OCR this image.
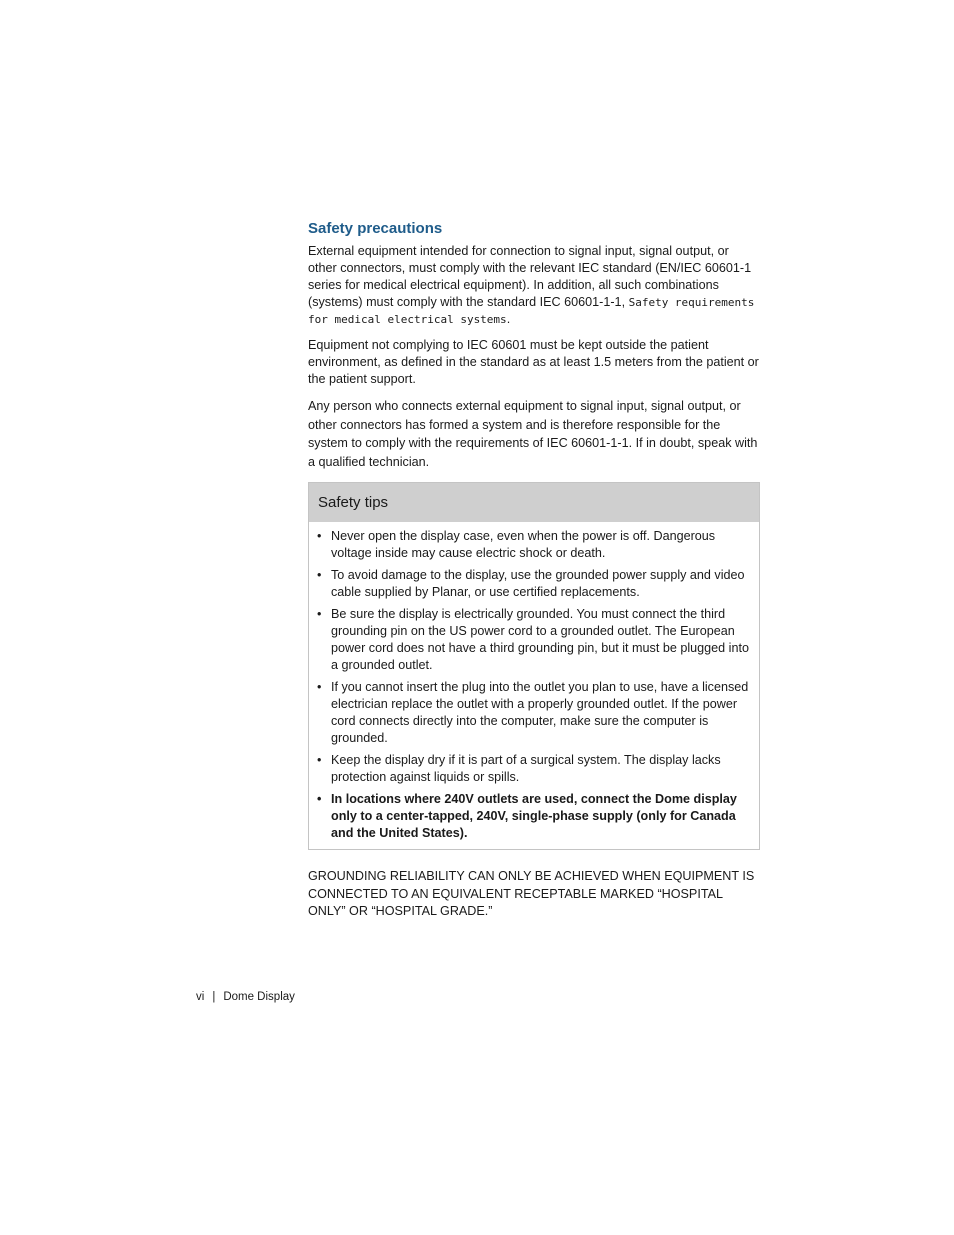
Safety precautions

External equipment intended for connection to signal input, signal output, or other connectors, must comply with the relevant IEC standard (EN/IEC 60601-1 series for medical electrical equipment). In addition, all such combinations (systems) must comply with the standard IEC 60601-1-1, Safety requirements for medical electrical systems.

Equipment not complying to IEC 60601 must be kept outside the patient environment, as defined in the standard as at least 1.5 meters from the patient or the patient support.

Any person who connects external equipment to signal input, signal output, or other connectors has formed a system and is therefore responsible for the system to comply with the requirements of IEC 60601-1-1. If in doubt, speak with a qualified technician.

Safety tips
• Never open the display case, even when the power is off. Dangerous voltage inside may cause electric shock or death.
• To avoid damage to the display, use the grounded power supply and video cable supplied by Planar, or use certified replacements.
• Be sure the display is electrically grounded. You must connect the third grounding pin on the US power cord to a grounded outlet. The European power cord does not have a third grounding pin, but it must be plugged into a grounded outlet.
• If you cannot insert the plug into the outlet you plan to use, have a licensed electrician replace the outlet with a properly grounded outlet. If the power cord connects directly into the computer, make sure the computer is grounded.
• Keep the display dry if it is part of a surgical system. The display lacks protection against liquids or spills.
• In locations where 240V outlets are used, connect the Dome display only to a center-tapped, 240V, single-phase supply (only for Canada and the United States).

GROUNDING RELIABILITY CAN ONLY BE ACHIEVED WHEN EQUIPMENT IS CONNECTED TO AN EQUIVALENT RECEPTABLE MARKED “HOSPITAL ONLY” OR “HOSPITAL GRADE.”

vi | Dome Display
